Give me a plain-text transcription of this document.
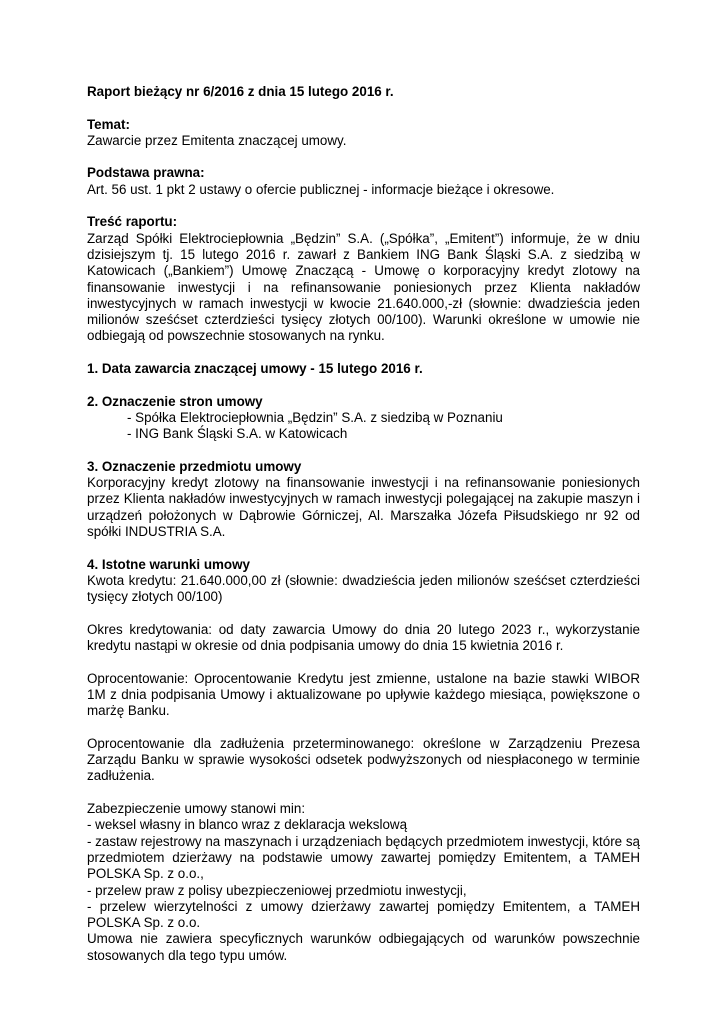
Raport bieżący nr 6/2016 z dnia 15 lutego 2016 r.

Temat:

Zawarcie przez Emitenta znaczącej umowy.

Podstawa prawna:

Art. 56 ust. 1 pkt 2 ustawy o ofercie publicznej - informacje bieżące i okresowe.

Treść raportu:

Zarząd Spółki Elektrociepłownia „Będzin” S.A. („Spółka”, „Emitent”) informuje, że w dniu dzisiejszym tj. 15 lutego 2016 r. zawarł z Bankiem ING Bank Śląski S.A. z siedzibą w Katowicach („Bankiem”) Umowę Znaczącą - Umowę o korporacyjny kredyt zlotowy na finansowanie inwestycji i na refinansowanie poniesionych przez Klienta nakładów inwestycyjnych w ramach inwestycji w kwocie 21.640.000,-zł (słownie: dwadzieścia jeden milionów sześćset czterdzieści tysięcy złotych 00/100). Warunki określone w umowie nie odbiegają od powszechnie stosowanych na rynku.

1. Data zawarcia znaczącej umowy - 15 lutego 2016 r.
2. Oznaczenie stron umowy
- Spółka Elektrociepłownia „Będzin” S.A. z siedzibą w Poznaniu
- ING Bank Śląski S.A. w Katowicach
3. Oznaczenie przedmiotu umowy

Korporacyjny kredyt zlotowy na finansowanie inwestycji i na refinansowanie poniesionych przez Klienta nakładów inwestycyjnych w ramach inwestycji polegającej na zakupie maszyn i urządzeń położonych w Dąbrowie Górniczej, Al. Marszałka Józefa Piłsudskiego nr 92 od spółki INDUSTRIA S.A.

4. Istotne warunki umowy

Kwota kredytu: 21.640.000,00 zł (słownie: dwadzieścia jeden milionów sześćset czterdzieści tysięcy złotych 00/100)

Okres kredytowania: od daty zawarcia Umowy do dnia 20 lutego 2023 r., wykorzystanie kredytu nastąpi w okresie od dnia podpisania umowy do dnia 15 kwietnia 2016 r.

Oprocentowanie: Oprocentowanie Kredytu jest zmienne, ustalone na bazie stawki WIBOR 1M z dnia podpisania Umowy i aktualizowane po upływie każdego miesiąca, powiększone o marżę Banku.

Oprocentowanie dla zadłużenia przeterminowanego: określone w Zarządzeniu Prezesa Zarządu Banku w sprawie wysokości odsetek podwyższonych od niespłaconego w terminie zadłużenia.

Zabezpieczenie umowy stanowi min:

- weksel własny in blanco wraz z deklaracja wekslową

- zastaw rejestrowy na maszynach i urządzeniach będących przedmiotem inwestycji, które są przedmiotem dzierżawy na podstawie umowy zawartej pomiędzy Emitentem, a TAMEH POLSKA Sp. z o.o.,

- przelew praw z polisy ubezpieczeniowej przedmiotu inwestycji,

- przelew wierzytelności z umowy dzierżawy zawartej pomiędzy Emitentem, a TAMEH POLSKA Sp. z o.o.

Umowa nie zawiera specyficznych warunków odbiegających od warunków powszechnie stosowanych dla tego typu umów.
